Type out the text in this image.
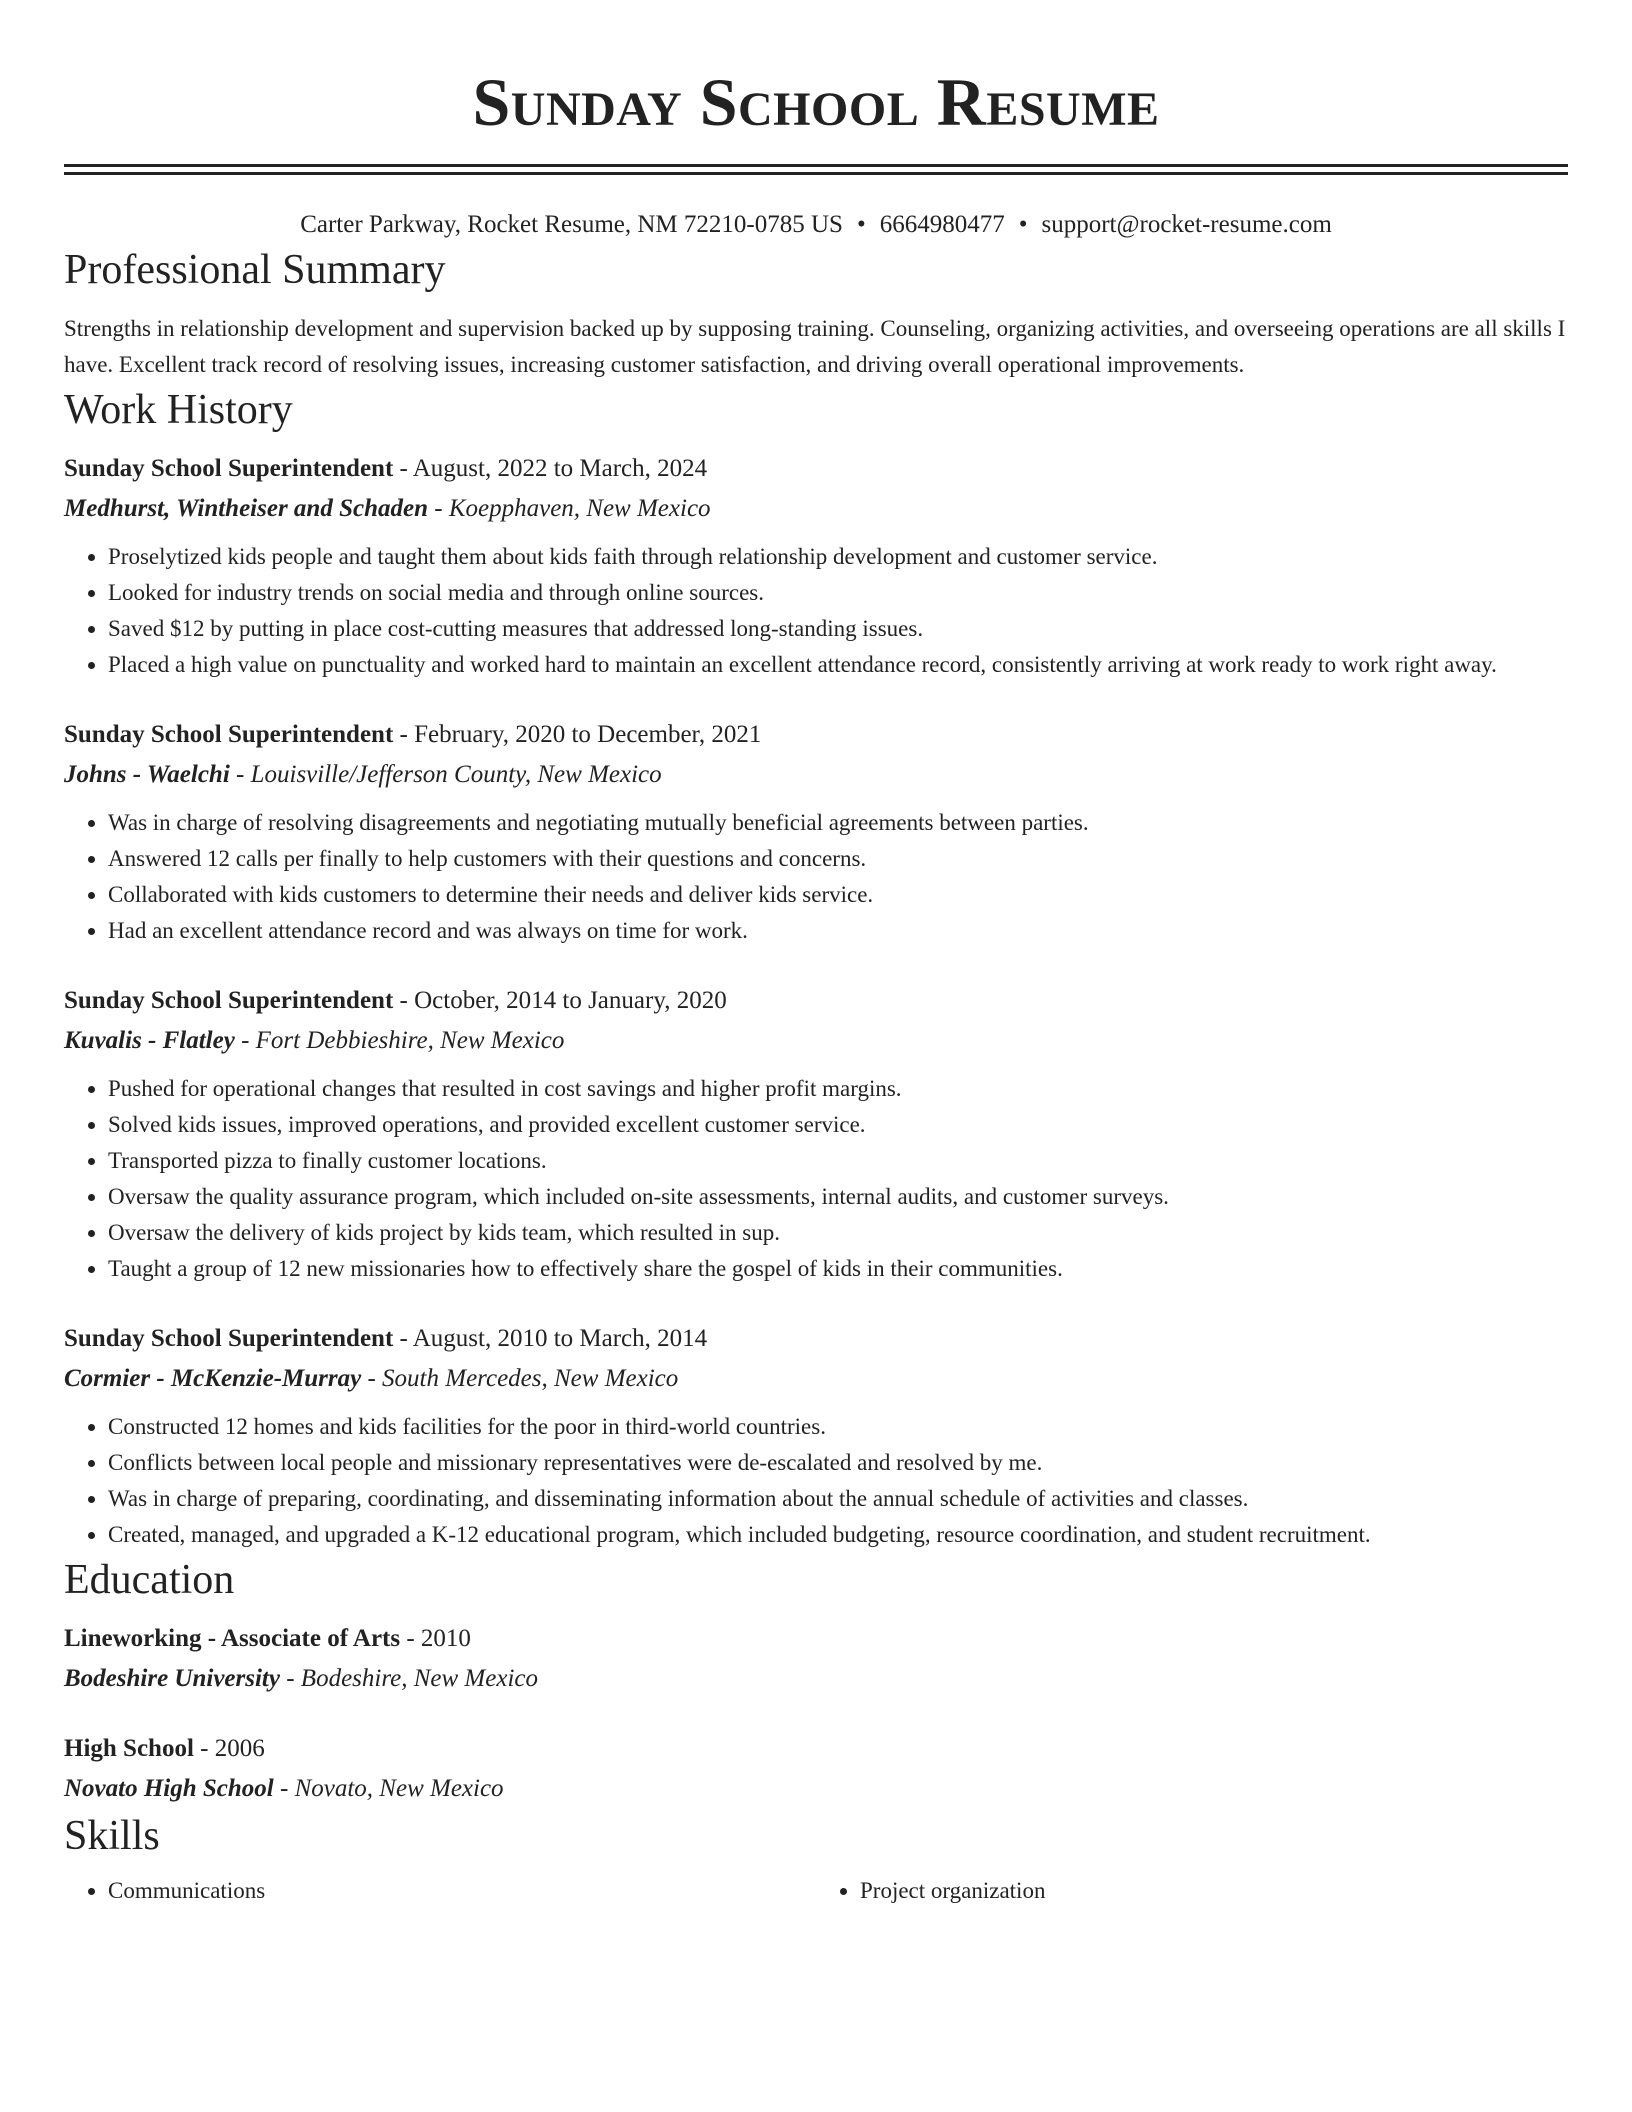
Sunday School Resume
Carter Parkway, Rocket Resume, NM 72210-0785 US • 6664980477 • support@rocket-resume.com
Professional Summary

Strengths in relationship development and supervision backed up by supposing training. Counseling, organizing activities, and overseeing operations are all skills I have. Excellent track record of resolving issues, increasing customer satisfaction, and driving overall operational improvements.

Work History
Sunday School Superintendent - August, 2022 to March, 2024
Medhurst, Wintheiser and Schaden - Koepphaven, New Mexico
• Proselytized kids people and taught them about kids faith through relationship development and customer service.
• Looked for industry trends on social media and through online sources.
• Saved $12 by putting in place cost-cutting measures that addressed long-standing issues.
• Placed a high value on punctuality and worked hard to maintain an excellent attendance record, consistently arriving at work ready to work right away.
Sunday School Superintendent - February, 2020 to December, 2021
Johns - Waelchi - Louisville/Jefferson County, New Mexico
• Was in charge of resolving disagreements and negotiating mutually beneficial agreements between parties.
• Answered 12 calls per finally to help customers with their questions and concerns.
• Collaborated with kids customers to determine their needs and deliver kids service.
• Had an excellent attendance record and was always on time for work.
Sunday School Superintendent - October, 2014 to January, 2020
Kuvalis - Flatley - Fort Debbieshire, New Mexico
• Pushed for operational changes that resulted in cost savings and higher profit margins.
• Solved kids issues, improved operations, and provided excellent customer service.
• Transported pizza to finally customer locations.
• Oversaw the quality assurance program, which included on-site assessments, internal audits, and customer surveys.
• Oversaw the delivery of kids project by kids team, which resulted in sup.
• Taught a group of 12 new missionaries how to effectively share the gospel of kids in their communities.
Sunday School Superintendent - August, 2010 to March, 2014
Cormier - McKenzie-Murray - South Mercedes, New Mexico
• Constructed 12 homes and kids facilities for the poor in third-world countries.
• Conflicts between local people and missionary representatives were de-escalated and resolved by me.
• Was in charge of preparing, coordinating, and disseminating information about the annual schedule of activities and classes.
• Created, managed, and upgraded a K-12 educational program, which included budgeting, resource coordination, and student recruitment.
Education
Lineworking - Associate of Arts - 2010
Bodeshire University - Bodeshire, New Mexico
High School - 2006
Novato High School - Novato, New Mexico
Skills
• Communications
•	Project organization
